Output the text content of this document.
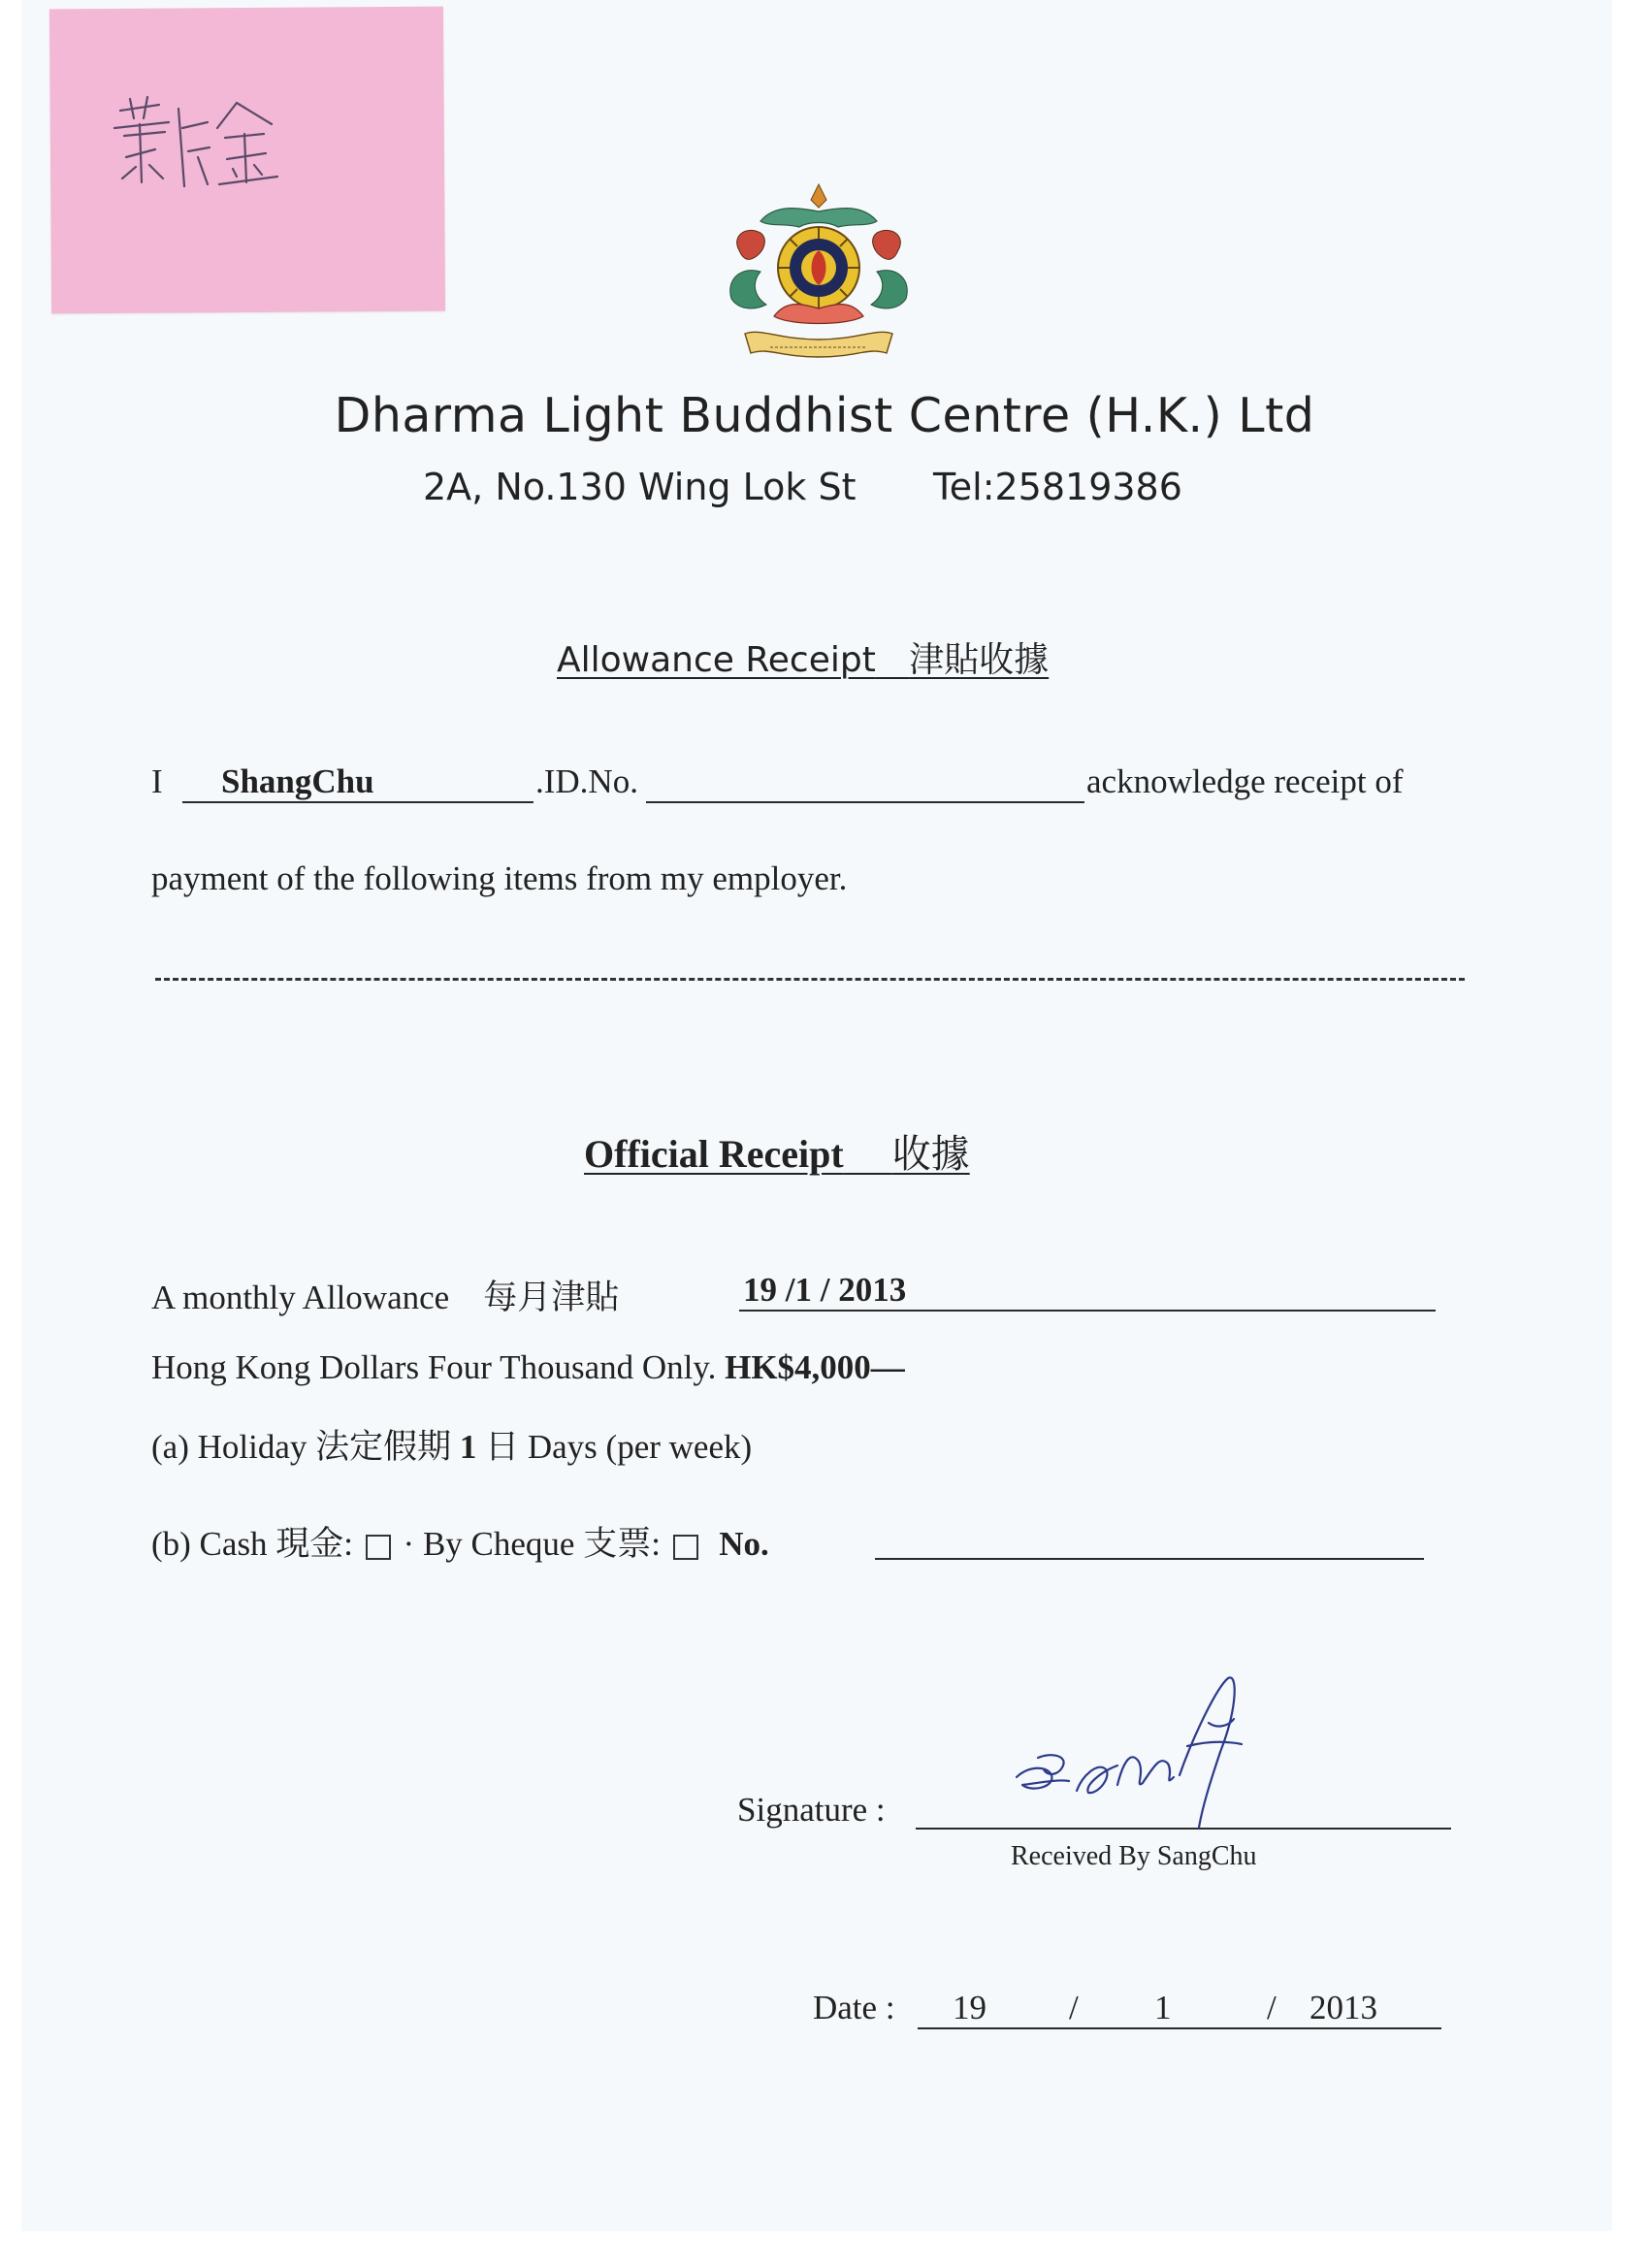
Dharma Light Buddhist Centre (H.K.) Ltd
2A, No.130 Wing Lok St Tel:25819386
Allowance Receipt 津貼收據
I ShangChu	.ID.No.	acknowledge receipt of
payment of the following items from my employer.
Official Receipt 收據
A monthly Allowance 每月津貼	19 /1 / 2013
Hong Kong Dollars Four Thousand Only. HK$4,000—
(a) Holiday 法定假期 1 日 Days (per week)
(b) Cash 現金: · By Cheque 支票: No.
Signature :
Received By SangChu
Date : 19 / 1	/ 2013
